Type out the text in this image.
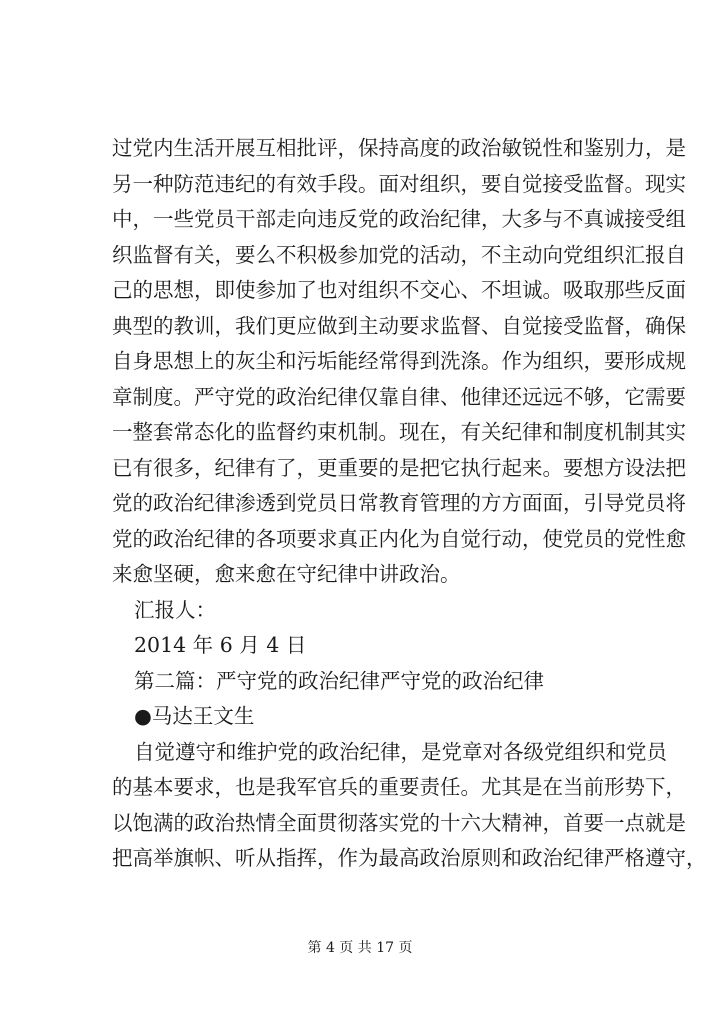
过党内生活开展互相批评，保持高度的政治敏锐性和鉴别力，是
另一种防范违纪的有效手段。面对组织，要自觉接受监督。现实
中，一些党员干部走向违反党的政治纪律，大多与不真诚接受组
织监督有关，要么不积极参加党的活动，不主动向党组织汇报自
己的思想，即使参加了也对组织不交心、不坦诚。吸取那些反面
典型的教训，我们更应做到主动要求监督、自觉接受监督，确保
自身思想上的灰尘和污垢能经常得到洗涤。作为组织，要形成规
章制度。严守党的政治纪律仅靠自律、他律还远远不够，它需要
一整套常态化的监督约束机制。现在，有关纪律和制度机制其实
已有很多，纪律有了，更重要的是把它执行起来。要想方设法把
党的政治纪律渗透到党员日常教育管理的方方面面，引导党员将
党的政治纪律的各项要求真正内化为自觉行动，使党员的党性愈
来愈坚硬，愈来愈在守纪律中讲政治。
汇报人：
2014 年 6 月 4 日
第二篇：严守党的政治纪律严守党的政治纪律
●马达王文生
自觉遵守和维护党的政治纪律，是党章对各级党组织和党员
的基本要求，也是我军官兵的重要责任。尤其是在当前形势下，
以饱满的政治热情全面贯彻落实党的十六大精神，首要一点就是
把高举旗帜、听从指挥，作为最高政治原则和政治纪律严格遵守，
第 4 页 共 17 页
